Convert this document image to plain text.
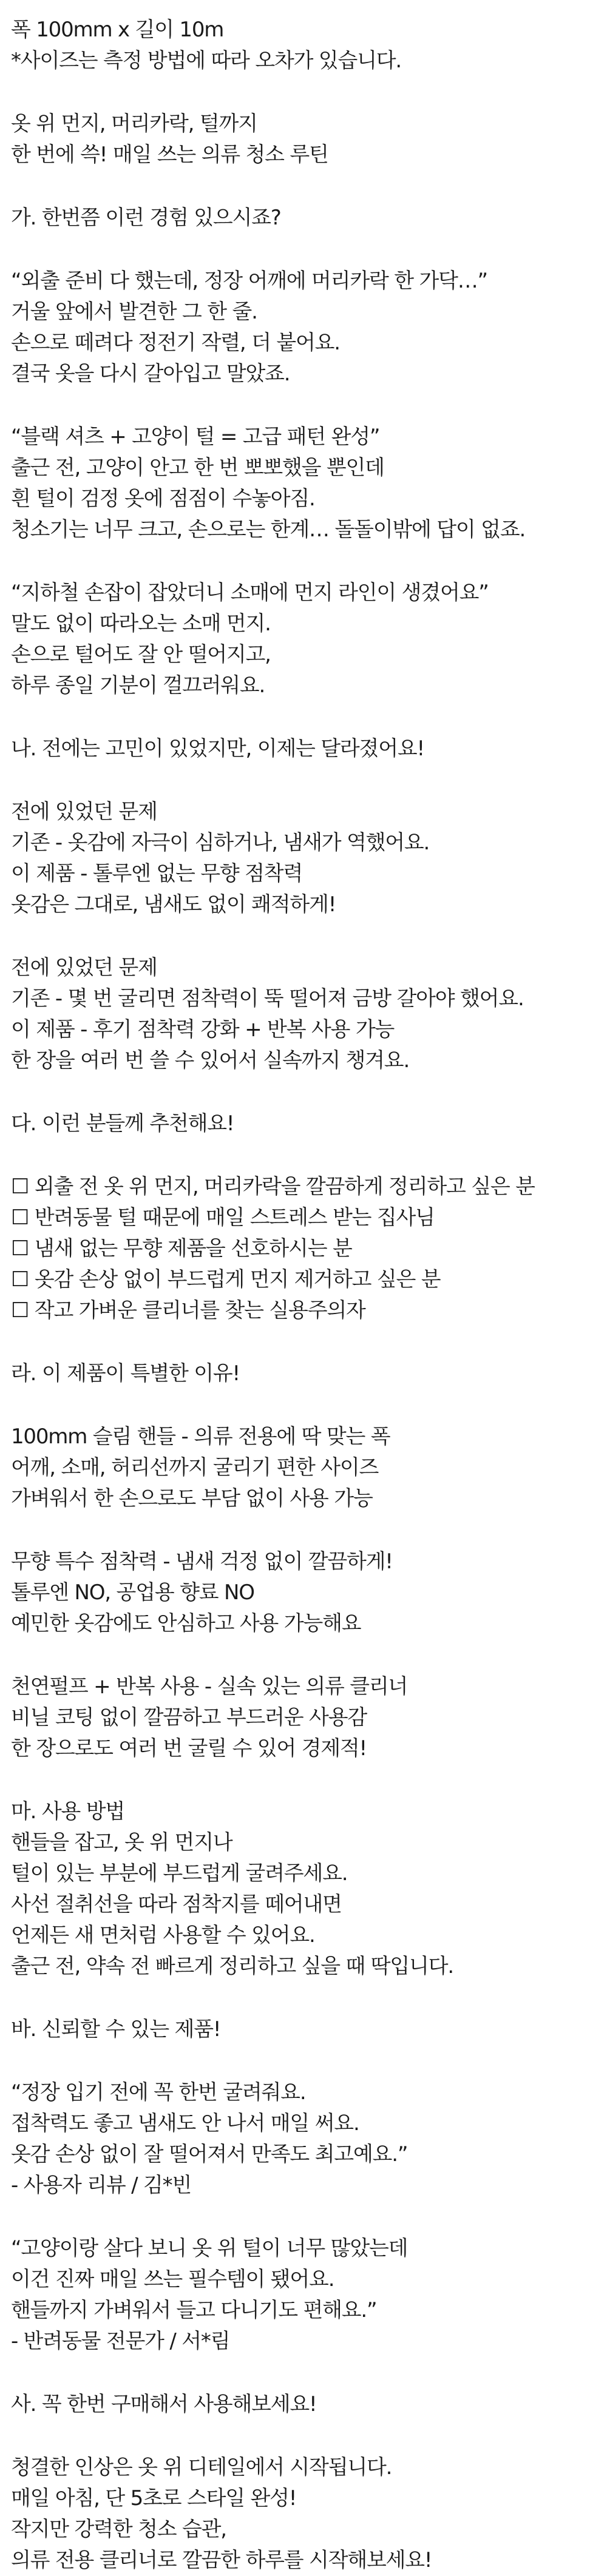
폭 100mm x 길이 10m
*사이즈는 측정 방법에 따라 오차가 있습니다.
옷 위 먼지, 머리카락, 털까지
한 번에 쓱! 매일 쓰는 의류 청소 루틴
가. 한번쯤 이런 경험 있으시죠?
“외출 준비 다 했는데, 정장 어깨에 머리카락 한 가닥…”
거울 앞에서 발견한 그 한 줄.
손으로 떼려다 정전기 작렬, 더 붙어요.
결국 옷을 다시 갈아입고 말았죠.
“블랙 셔츠 + 고양이 털 = 고급 패턴 완성”
출근 전, 고양이 안고 한 번 뽀뽀했을 뿐인데
흰 털이 검정 옷에 점점이 수놓아짐.
청소기는 너무 크고, 손으로는 한계… 돌돌이밖에 답이 없죠.
“지하철 손잡이 잡았더니 소매에 먼지 라인이 생겼어요”
말도 없이 따라오는 소매 먼지.
손으로 털어도 잘 안 떨어지고,
하루 종일 기분이 껄끄러워요.
나. 전에는 고민이 있었지만, 이제는 달라졌어요!
전에 있었던 문제
기존 - 옷감에 자극이 심하거나, 냄새가 역했어요.
이 제품 - 톨루엔 없는 무향 점착력
옷감은 그대로, 냄새도 없이 쾌적하게!
전에 있었던 문제
기존 - 몇 번 굴리면 점착력이 뚝 떨어져 금방 갈아야 했어요.
이 제품 - 후기 점착력 강화 + 반복 사용 가능
한 장을 여러 번 쓸 수 있어서 실속까지 챙겨요.
다. 이런 분들께 추천해요!
☐ 외출 전 옷 위 먼지, 머리카락을 깔끔하게 정리하고 싶은 분
☐ 반려동물 털 때문에 매일 스트레스 받는 집사님
☐ 냄새 없는 무향 제품을 선호하시는 분
☐ 옷감 손상 없이 부드럽게 먼지 제거하고 싶은 분
☐ 작고 가벼운 클리너를 찾는 실용주의자
라. 이 제품이 특별한 이유!
100mm 슬림 핸들 - 의류 전용에 딱 맞는 폭
어깨, 소매, 허리선까지 굴리기 편한 사이즈
가벼워서 한 손으로도 부담 없이 사용 가능
무향 특수 점착력 - 냄새 걱정 없이 깔끔하게!
톨루엔 NO, 공업용 향료 NO
예민한 옷감에도 안심하고 사용 가능해요
천연펄프 + 반복 사용 - 실속 있는 의류 클리너
비닐 코팅 없이 깔끔하고 부드러운 사용감
한 장으로도 여러 번 굴릴 수 있어 경제적!
마. 사용 방법
핸들을 잡고, 옷 위 먼지나
털이 있는 부분에 부드럽게 굴려주세요.
사선 절취선을 따라 점착지를 떼어내면
언제든 새 면처럼 사용할 수 있어요.
출근 전, 약속 전 빠르게 정리하고 싶을 때 딱입니다.
바. 신뢰할 수 있는 제품!
“정장 입기 전에 꼭 한번 굴려줘요.
접착력도 좋고 냄새도 안 나서 매일 써요.
옷감 손상 없이 잘 떨어져서 만족도 최고예요.”
- 사용자 리뷰 / 김*빈
“고양이랑 살다 보니 옷 위 털이 너무 많았는데
이건 진짜 매일 쓰는 필수템이 됐어요.
핸들까지 가벼워서 들고 다니기도 편해요.”
- 반려동물 전문가 / 서*림
사. 꼭 한번 구매해서 사용해보세요!
청결한 인상은 옷 위 디테일에서 시작됩니다.
매일 아침, 단 5초로 스타일 완성!
작지만 강력한 청소 습관,
의류 전용 클리너로 깔끔한 하루를 시작해보세요!
